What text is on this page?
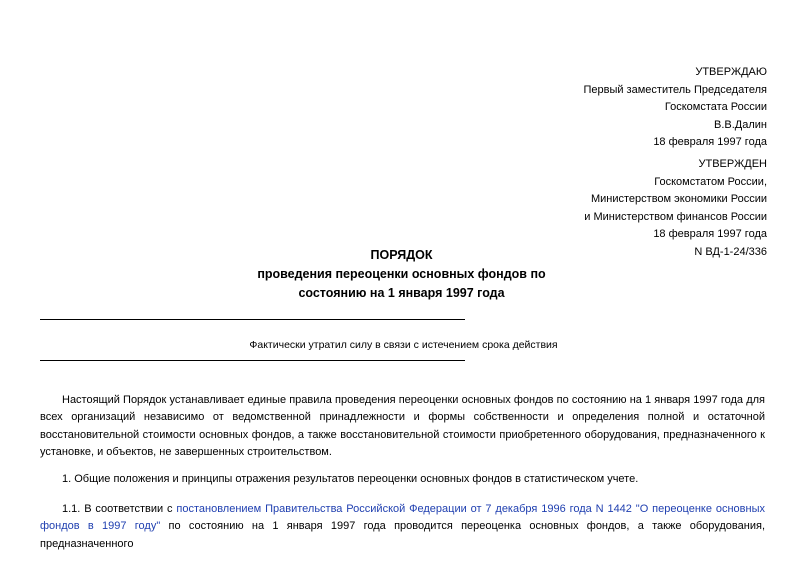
УТВЕРЖДАЮ
Первый заместитель Председателя
Госкомстата России
В.В.Далин
18 февраля 1997 года
УТВЕРЖДЕН
Госкомстатом России,
Министерством экономики России
и Министерством финансов России
18 февраля 1997 года
N ВД-1-24/336
ПОРЯДОК
проведения переоценки основных фондов по
состоянию на 1 января 1997 года
Фактически утратил силу в связи с истечением срока действия
Настоящий Порядок устанавливает единые правила проведения переоценки основных фондов по состоянию на 1 января 1997 года для всех организаций независимо от ведомственной принадлежности и формы собственности и определения полной и остаточной восстановительной стоимости основных фондов, а также восстановительной стоимости приобретенного оборудования, предназначенного к установке, и объектов, не завершенных строительством.
1. Общие положения и принципы отражения результатов переоценки основных фондов в статистическом учете.
1.1. В соответствии с постановлением Правительства Российской Федерации от 7 декабря 1996 года N 1442 "О переоценке основных фондов в 1997 году" по состоянию на 1 января 1997 года проводится переоценка основных фондов, а также оборудования, предназначенного
